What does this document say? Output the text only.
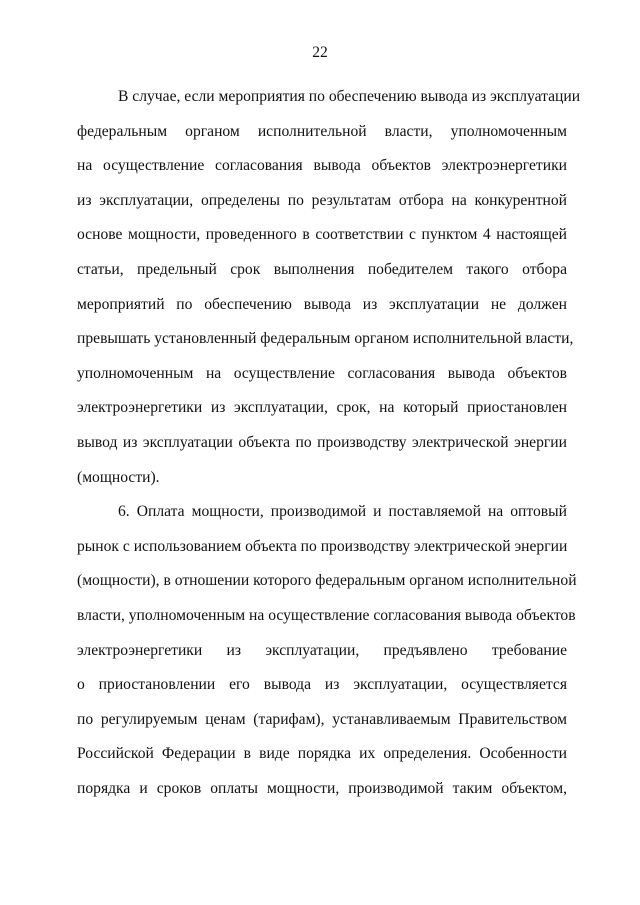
22
В случае, если мероприятия по обеспечению вывода из эксплуатации
федеральным органом исполнительной власти, уполномоченным
на осуществление согласования вывода объектов электроэнергетики
из эксплуатации, определены по результатам отбора на конкурентной
основе мощности, проведенного в соответствии с пунктом 4 настоящей
статьи, предельный срок выполнения победителем такого отбора
мероприятий по обеспечению вывода из эксплуатации не должен
превышать установленный федеральным органом исполнительной власти,
уполномоченным на осуществление согласования вывода объектов
электроэнергетики из эксплуатации, срок, на который приостановлен
вывод из эксплуатации объекта по производству электрической энергии
(мощности).
6. Оплата мощности, производимой и поставляемой на оптовый
рынок с использованием объекта по производству электрической энергии
(мощности), в отношении которого федеральным органом исполнительной
власти, уполномоченным на осуществление согласования вывода объектов
электроэнергетики из эксплуатации, предъявлено требование
о приостановлении его вывода из эксплуатации, осуществляется
по регулируемым ценам (тарифам), устанавливаемым Правительством
Российской Федерации в виде порядка их определения. Особенности
порядка и сроков оплаты мощности, производимой таким объектом,
